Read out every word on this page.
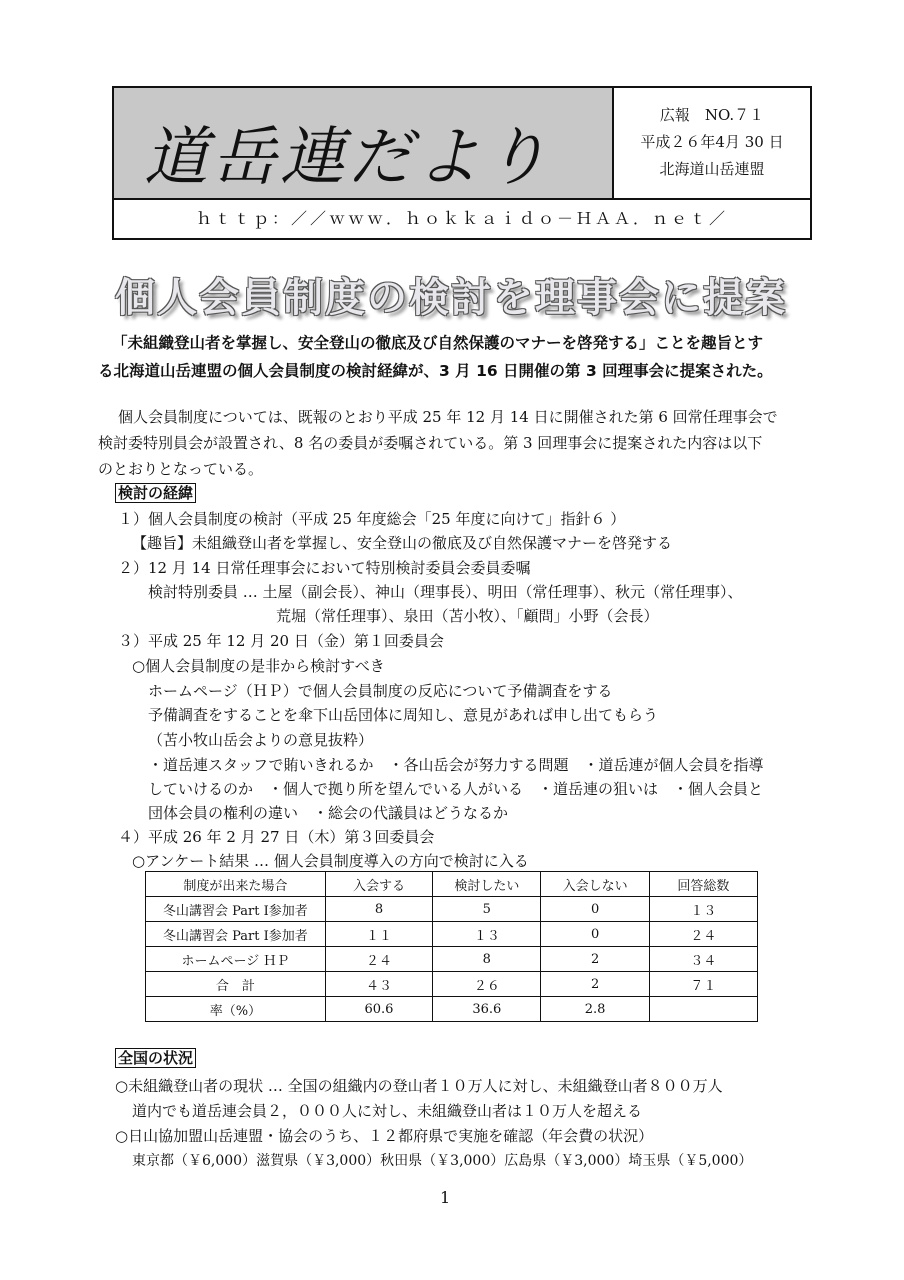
道岳連だより
広報　NO.７１
平成２６年4月 30 日
北海道山岳連盟
ｈｔｔｐ：／／ｗｗｗ．ｈｏｋｋａｉｄｏ－ＨＡＡ．ｎｅｔ／
個人会員制度の検討を理事会に提案
「未組織登山者を掌握し、安全登山の徹底及び自然保護のマナーを啓発する」ことを趣旨とす
る北海道山岳連盟の個人会員制度の検討経緯が、3 月 16 日開催の第 3 回理事会に提案された。
個人会員制度については、既報のとおり平成 25 年 12 月 14 日に開催された第 6 回常任理事会で
検討委特別員会が設置され、8 名の委員が委嘱されている。第 3 回理事会に提案された内容は以下
のとおりとなっている。
検討の経緯
１）個人会員制度の検討（平成 25 年度総会「25 年度に向けて」指針６ ）
【趣旨】未組織登山者を掌握し、安全登山の徹底及び自然保護マナーを啓発する
２）12 月 14 日常任理事会において特別検討委員会委員委嘱
検討特別委員 … 土屋（副会長）、神山（理事長）、明田（常任理事）、秋元（常任理事）、
荒堀（常任理事）、泉田（苫小牧）、「顧問」小野（会長）
３）平成 25 年 12 月 20 日（金）第１回委員会
○個人会員制度の是非から検討すべき
ホームページ（ＨＰ）で個人会員制度の反応について予備調査をする
予備調査をすることを傘下山岳団体に周知し、意見があれば申し出てもらう
（苫小牧山岳会よりの意見抜粋）
・道岳連スタッフで賄いきれるか　・各山岳会が努力する問題　・道岳連が個人会員を指導
していけるのか　・個人で拠り所を望んでいる人がいる　・道岳連の狙いは　・個人会員と
団体会員の権利の違い　・総会の代議員はどうなるか
４）平成 26 年 2 月 27 日（木）第３回委員会
○アンケート結果 … 個人会員制度導入の方向で検討に入る
制度が出来た場合	入会する	検討したい	入会しない	回答総数
冬山講習会 Part Ⅰ参加者	8	5	0	１３
冬山講習会 Part Ⅰ参加者	１１	１３	0	２４
ホームページ ＨＰ	２４	8	2	３４
合　計	４３	２６	2	７１
率（%）	60.6	36.6	2.8	
全国の状況
○未組織登山者の現状 … 全国の組織内の登山者１０万人に対し、未組織登山者８００万人
道内でも道岳連会員２，０００人に対し、未組織登山者は１０万人を超える
○日山協加盟山岳連盟・協会のうち、１２都府県で実施を確認（年会費の状況）
東京都（￥6,000）滋賀県（￥3,000）秋田県（￥3,000）広島県（￥3,000）埼玉県（￥5,000）
1
